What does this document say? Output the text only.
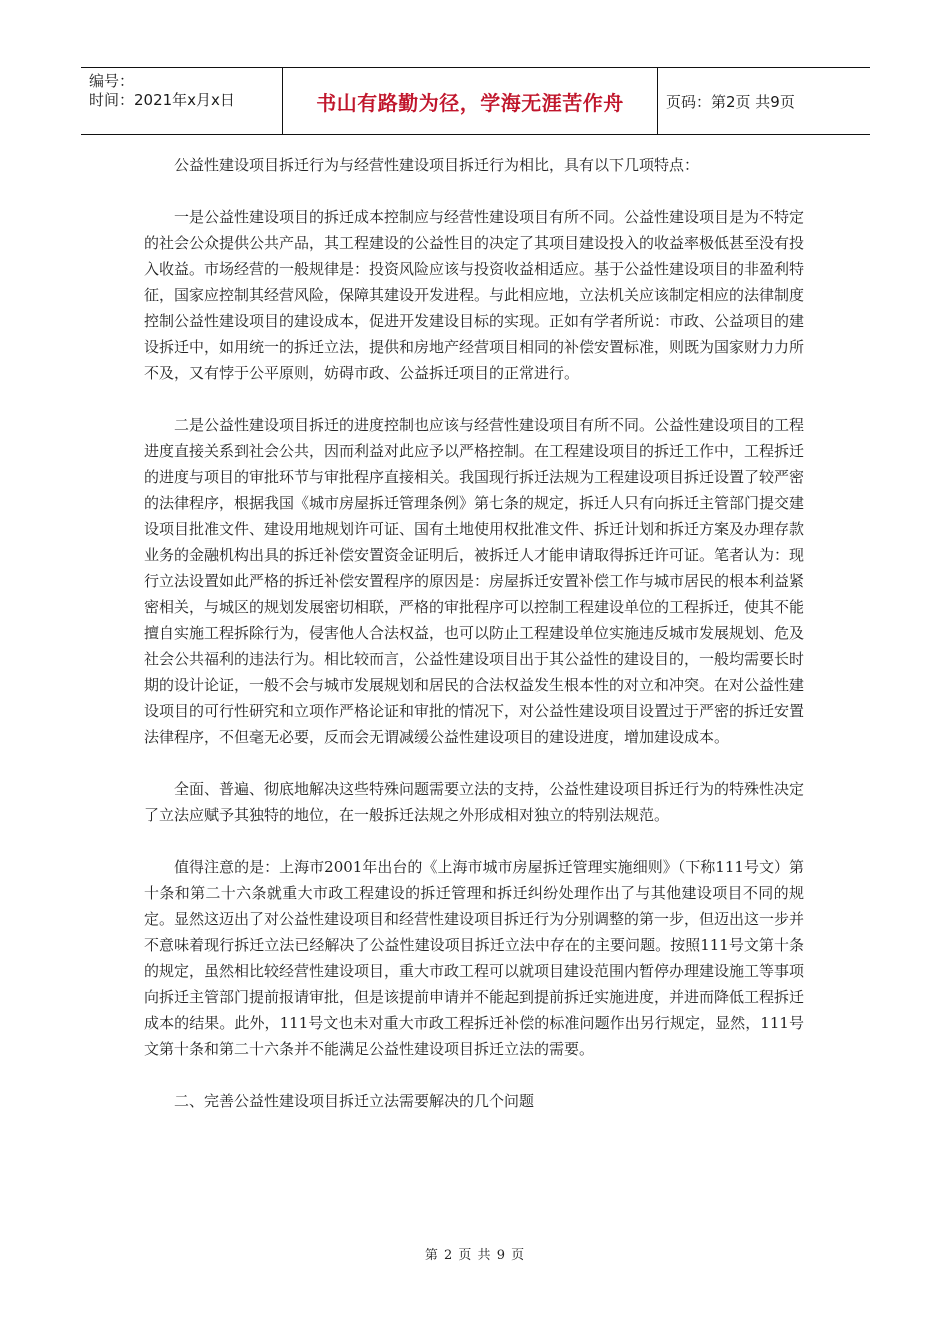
编号：
时间：2021年x月x日	书山有路勤为径，学海无涯苦作舟	页码：第2页 共9页

公益性建设项目拆迁行为与经营性建设项目拆迁行为相比，具有以下几项特点：

一是公益性建设项目的拆迁成本控制应与经营性建设项目有所不同。公益性建设项目是为不特定的社会公众提供公共产品，其工程建设的公益性目的决定了其项目建设投入的收益率极低甚至没有投入收益。市场经营的一般规律是：投资风险应该与投资收益相适应。基于公益性建设项目的非盈利特征，国家应控制其经营风险，保障其建设开发进程。与此相应地，立法机关应该制定相应的法律制度控制公益性建设项目的建设成本，促进开发建设目标的实现。正如有学者所说：市政、公益项目的建设拆迁中，如用统一的拆迁立法，提供和房地产经营项目相同的补偿安置标准，则既为国家财力力所不及，又有悖于公平原则，妨碍市政、公益拆迁项目的正常进行。

二是公益性建设项目拆迁的进度控制也应该与经营性建设项目有所不同。公益性建设项目的工程进度直接关系到社会公共，因而利益对此应予以严格控制。在工程建设项目的拆迁工作中，工程拆迁的进度与项目的审批环节与审批程序直接相关。我国现行拆迁法规为工程建设项目拆迁设置了较严密的法律程序，根据我国《城市房屋拆迁管理条例》第七条的规定，拆迁人只有向拆迁主管部门提交建设项目批准文件、建设用地规划许可证、国有土地使用权批准文件、拆迁计划和拆迁方案及办理存款业务的金融机构出具的拆迁补偿安置资金证明后，被拆迁人才能申请取得拆迁许可证。笔者认为：现行立法设置如此严格的拆迁补偿安置程序的原因是：房屋拆迁安置补偿工作与城市居民的根本利益紧密相关，与城区的规划发展密切相联，严格的审批程序可以控制工程建设单位的工程拆迁，使其不能擅自实施工程拆除行为，侵害他人合法权益，也可以防止工程建设单位实施违反城市发展规划、危及社会公共福利的违法行为。相比较而言，公益性建设项目出于其公益性的建设目的，一般均需要长时期的设计论证，一般不会与城市发展规划和居民的合法权益发生根本性的对立和冲突。在对公益性建设项目的可行性研究和立项作严格论证和审批的情况下，对公益性建设项目设置过于严密的拆迁安置法律程序，不但毫无必要，反而会无谓减缓公益性建设项目的建设进度，增加建设成本。

全面、普遍、彻底地解决这些特殊问题需要立法的支持，公益性建设项目拆迁行为的特殊性决定了立法应赋予其独特的地位，在一般拆迁法规之外形成相对独立的特别法规范。

值得注意的是：上海市2001年出台的《上海市城市房屋拆迁管理实施细则》（下称111号文）第十条和第二十六条就重大市政工程建设的拆迁管理和拆迁纠纷处理作出了与其他建设项目不同的规定。显然这迈出了对公益性建设项目和经营性建设项目拆迁行为分别调整的第一步，但迈出这一步并不意味着现行拆迁立法已经解决了公益性建设项目拆迁立法中存在的主要问题。按照111号文第十条的规定，虽然相比较经营性建设项目，重大市政工程可以就项目建设范围内暂停办理建设施工等事项向拆迁主管部门提前报请审批，但是该提前申请并不能起到提前拆迁实施进度，并进而降低工程拆迁成本的结果。此外，111号文也未对重大市政工程拆迁补偿的标准问题作出另行规定，显然，111号文第十条和第二十六条并不能满足公益性建设项目拆迁立法的需要。

二、完善公益性建设项目拆迁立法需要解决的几个问题

第 2 页 共 9 页
